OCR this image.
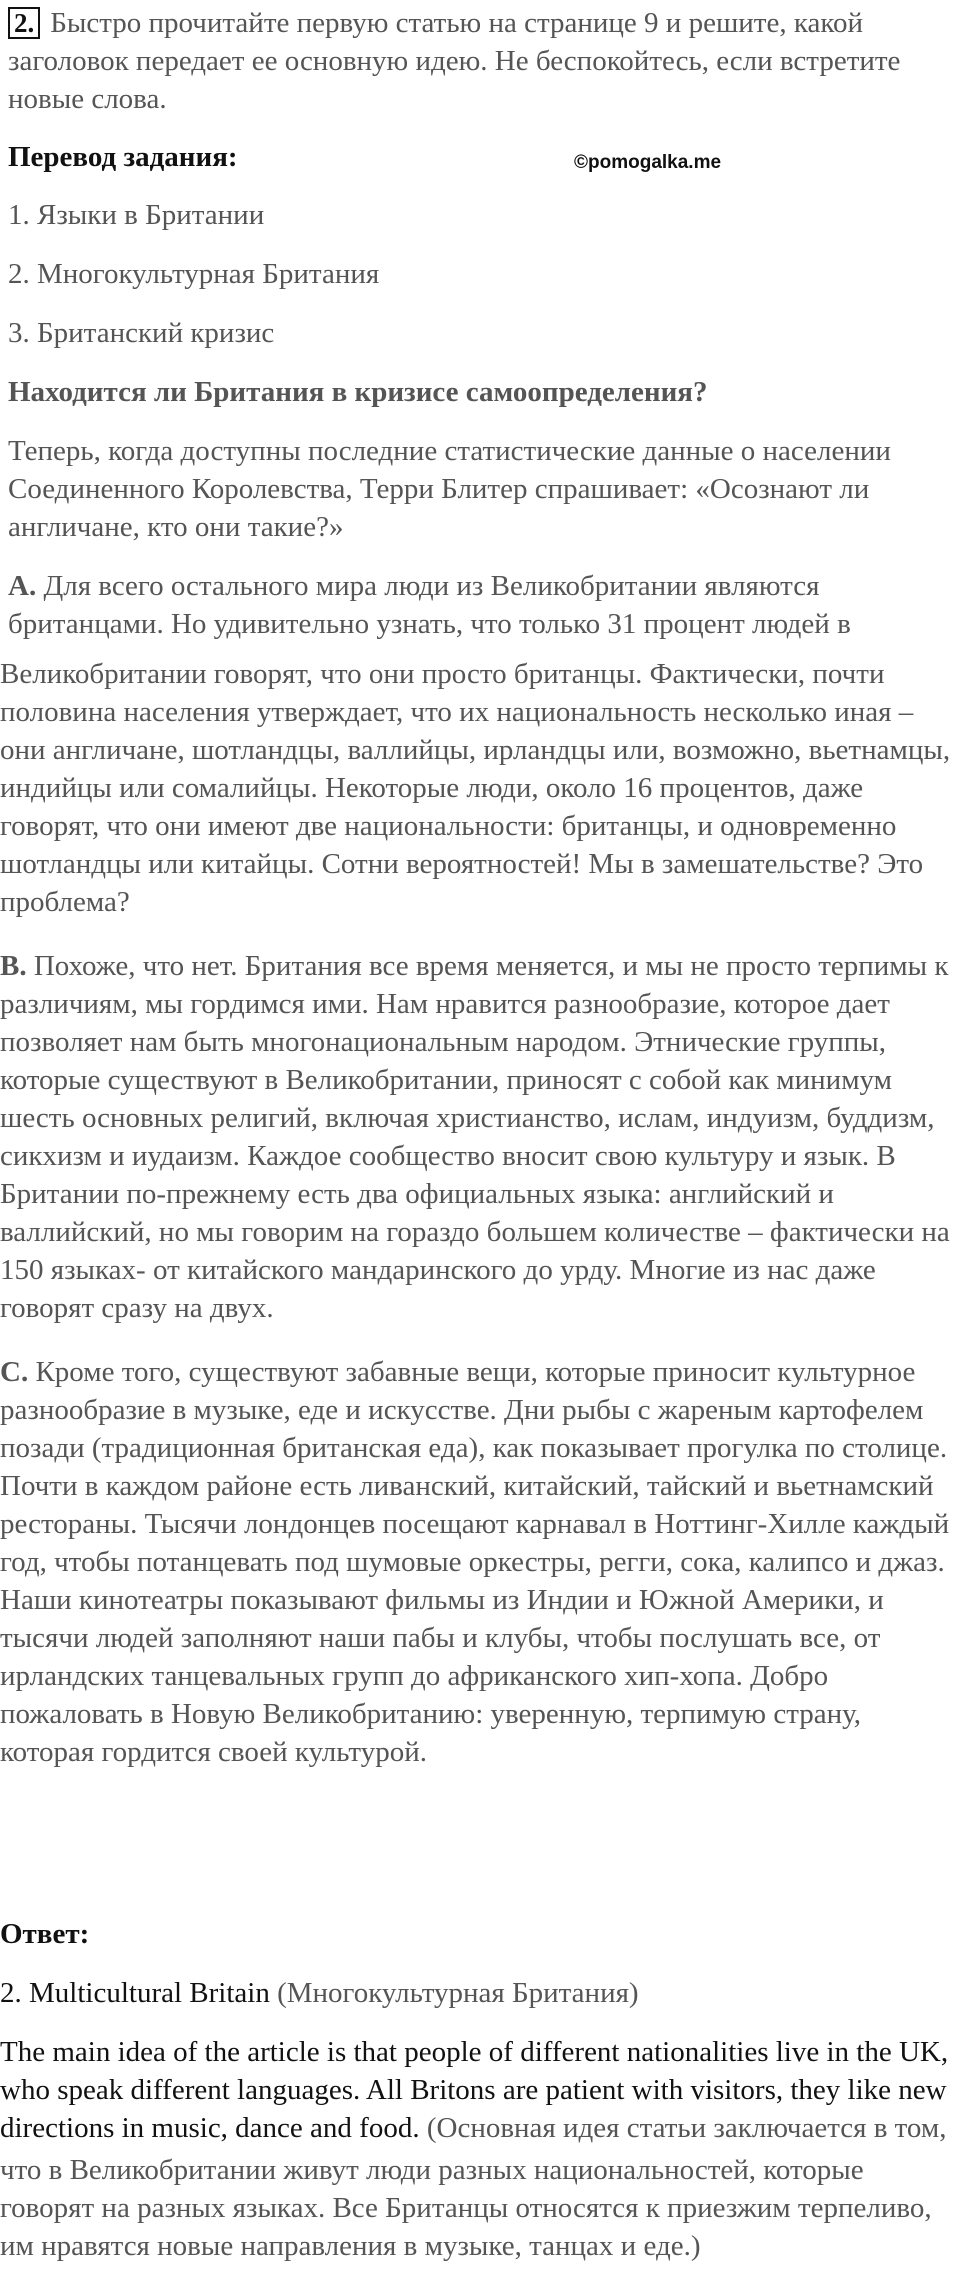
2. Быстро прочитайте первую статью на странице 9 и решите, какой
заголовок передает ее основную идею. Не беспокойтесь, если встретите
новые слова.
Перевод задания:	©pomogalka.me
1. Языки в Британии
2. Многокультурная Британия
3. Британский кризис
Находится ли Британия в кризисе самоопределения?
Теперь, когда доступны последние статистические данные о населении
Соединенного Королевства, Терри Блитер спрашивает: «Осознают ли
англичане, кто они такие?»
A. Для всего остального мира люди из Великобритании являются
британцами. Но удивительно узнать, что только 31 процент людей в
Великобритании говорят, что они просто британцы. Фактически, почти
половина населения утверждает, что их национальность несколько иная –
они англичане, шотландцы, валлийцы, ирландцы или, возможно, вьетнамцы,
индийцы или сомалийцы. Некоторые люди, около 16 процентов, даже
говорят, что они имеют две национальности: британцы, и одновременно
шотландцы или китайцы. Сотни вероятностей! Мы в замешательстве? Это
проблема?
B. Похоже, что нет. Британия все время меняется, и мы не просто терпимы к
различиям, мы гордимся ими. Нам нравится разнообразие, которое дает
позволяет нам быть многонациональным народом. Этнические группы,
которые существуют в Великобритании, приносят с собой как минимум
шесть основных религий, включая христианство, ислам, индуизм, буддизм,
сикхизм и иудаизм. Каждое сообщество вносит свою культуру и язык. В
Британии по-прежнему есть два официальных языка: английский и
валлийский, но мы говорим на гораздо большем количестве – фактически на
150 языках- от китайского мандаринского до урду. Многие из нас даже
говорят сразу на двух.
C. Кроме того, существуют забавные вещи, которые приносит культурное
разнообразие в музыке, еде и искусстве. Дни рыбы с жареным картофелем
позади (традиционная британская еда), как показывает прогулка по столице.
Почти в каждом районе есть ливанский, китайский, тайский и вьетнамский
рестораны. Тысячи лондонцев посещают карнавал в Ноттинг-Хилле каждый
год, чтобы потанцевать под шумовые оркестры, регги, сока, калипсо и джаз.
Наши кинотеатры показывают фильмы из Индии и Южной Америки, и
тысячи людей заполняют наши пабы и клубы, чтобы послушать все, от
ирландских танцевальных групп до африканского хип-хопа. Добро
пожаловать в Новую Великобританию: уверенную, терпимую страну,
которая гордится своей культурой.
Ответ:
2. Multicultural Britain (Многокультурная Британия)
The main idea of the article is that people of different nationalities live in the UK,
who speak different languages. All Britons are patient with visitors, they like new
directions in music, dance and food. (Основная идея статьи заключается в том,
что в Великобритании живут люди разных национальностей, которые
говорят на разных языках. Все Британцы относятся к приезжим терпеливо,
им нравятся новые направления в музыке, танцах и еде.)
